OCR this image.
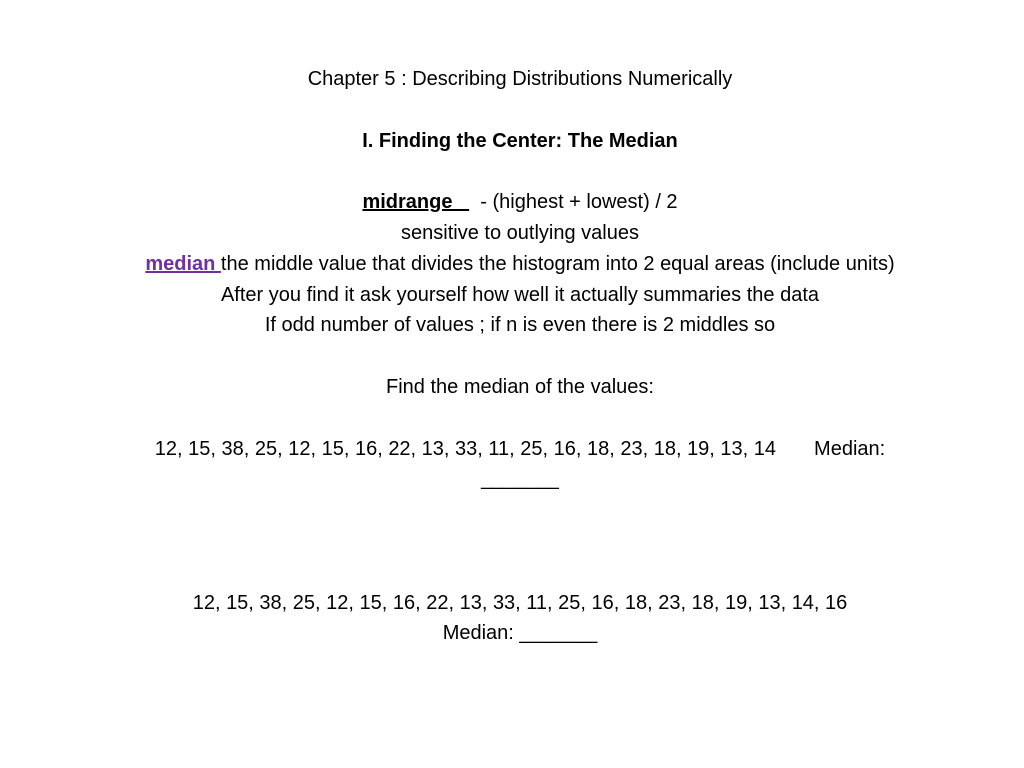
Chapter 5 : Describing Distributions Numerically
I. Finding the Center: The Median
midrange     - (highest + lowest) / 2
sensitive to outlying values
median the middle value that divides the histogram into 2 equal areas (include units)
After you find it ask yourself how well it actually summaries the data
If odd number of values ; if n is even there is 2 middles so
Find the median of the values:
12, 15, 38, 25, 12, 15, 16, 22, 13, 33, 11, 25, 16, 18, 23, 18, 19, 13, 14 Median:
_______
12, 15, 38, 25, 12, 15, 16, 22, 13, 33, 11, 25, 16, 18, 23, 18, 19, 13, 14, 16
Median: _______
